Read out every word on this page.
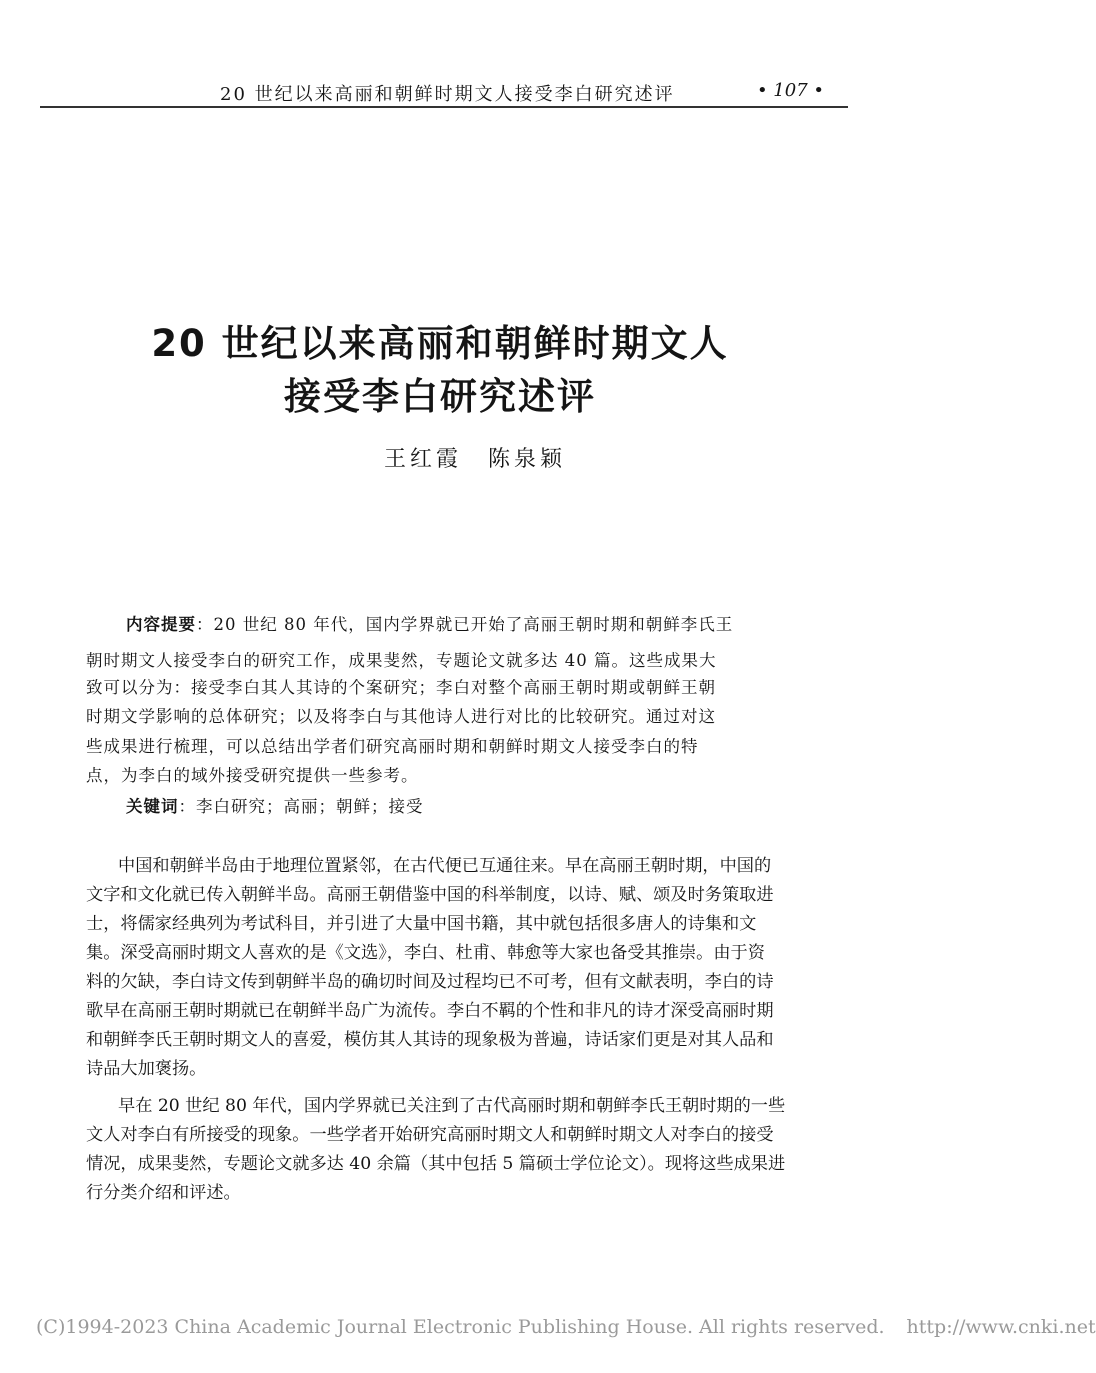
20 世纪以来高丽和朝鲜时期文人接受李白研究述评	• 107 •
20 世纪以来高丽和朝鲜时期文人
接受李白研究述评
王红霞　陈泉颖
内容提要：20 世纪 80 年代，国内学界就已开始了高丽王朝时期和朝鲜李氏王
朝时期文人接受李白的研究工作，成果斐然，专题论文就多达 40 篇。这些成果大
致可以分为：接受李白其人其诗的个案研究；李白对整个高丽王朝时期或朝鲜王朝
时期文学影响的总体研究；以及将李白与其他诗人进行对比的比较研究。通过对这
些成果进行梳理，可以总结出学者们研究高丽时期和朝鲜时期文人接受李白的特
点，为李白的域外接受研究提供一些参考。
关键词：李白研究；高丽；朝鲜；接受
中国和朝鲜半岛由于地理位置紧邻，在古代便已互通往来。早在高丽王朝时期，中国的
文字和文化就已传入朝鲜半岛。高丽王朝借鉴中国的科举制度，以诗、赋、颂及时务策取进
士，将儒家经典列为考试科目，并引进了大量中国书籍，其中就包括很多唐人的诗集和文
集。深受高丽时期文人喜欢的是《文选》，李白、杜甫、韩愈等大家也备受其推崇。由于资
料的欠缺，李白诗文传到朝鲜半岛的确切时间及过程均已不可考，但有文献表明，李白的诗
歌早在高丽王朝时期就已在朝鲜半岛广为流传。李白不羁的个性和非凡的诗才深受高丽时期
和朝鲜李氏王朝时期文人的喜爱，模仿其人其诗的现象极为普遍，诗话家们更是对其人品和
诗品大加褒扬。
早在 20 世纪 80 年代，国内学界就已关注到了古代高丽时期和朝鲜李氏王朝时期的一些
文人对李白有所接受的现象。一些学者开始研究高丽时期文人和朝鲜时期文人对李白的接受
情况，成果斐然，专题论文就多达 40 余篇（其中包括 5 篇硕士学位论文）。现将这些成果进
行分类介绍和评述。
(C)1994-2023 China Academic Journal Electronic Publishing House. All rights reserved. http://www.cnki.net
